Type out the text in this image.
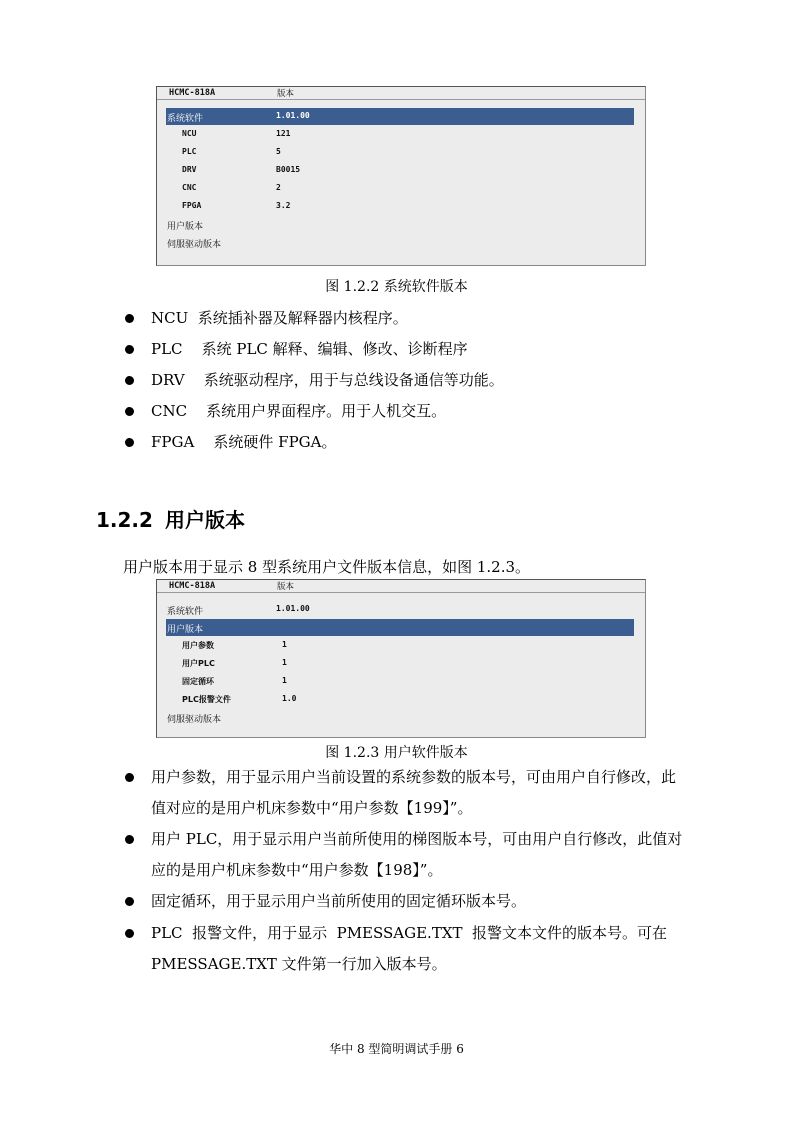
HCMC-818A	版本
系统软件	1.01.00
NCU	121
PLC	5
DRV	B0015
CNC	2
FPGA	3.2
用户版本
伺服驱动版本
图 1.2.2 系统软件版本
NCU  系统插补器及解释器内核程序。
PLC    系统 PLC 解释、编辑、修改、诊断程序
DRV    系统驱动程序，用于与总线设备通信等功能。
CNC    系统用户界面程序。用于人机交互。
FPGA    系统硬件 FPGA。
1.2.2 用户版本
用户版本用于显示 8 型系统用户文件版本信息，如图 1.2.3。
HCMC-818A	版本
系统软件	1.01.00
用户版本
用户参数	1
用户PLC	1
固定循环	1
PLC报警文件	1.0
伺服驱动版本
图 1.2.3 用户软件版本
用户参数，用于显示用户当前设置的系统参数的版本号，可由用户自行修改，此
值对应的是用户机床参数中“用户参数【199】”。
用户 PLC，用于显示用户当前所使用的梯图版本号，可由用户自行修改，此值对
应的是用户机床参数中“用户参数【198】”。
固定循环，用于显示用户当前所使用的固定循环版本号。
PLC  报警文件，用于显示  PMESSAGE.TXT  报警文本文件的版本号。可在
PMESSAGE.TXT 文件第一行加入版本号。
华中 8 型简明调试手册 6
